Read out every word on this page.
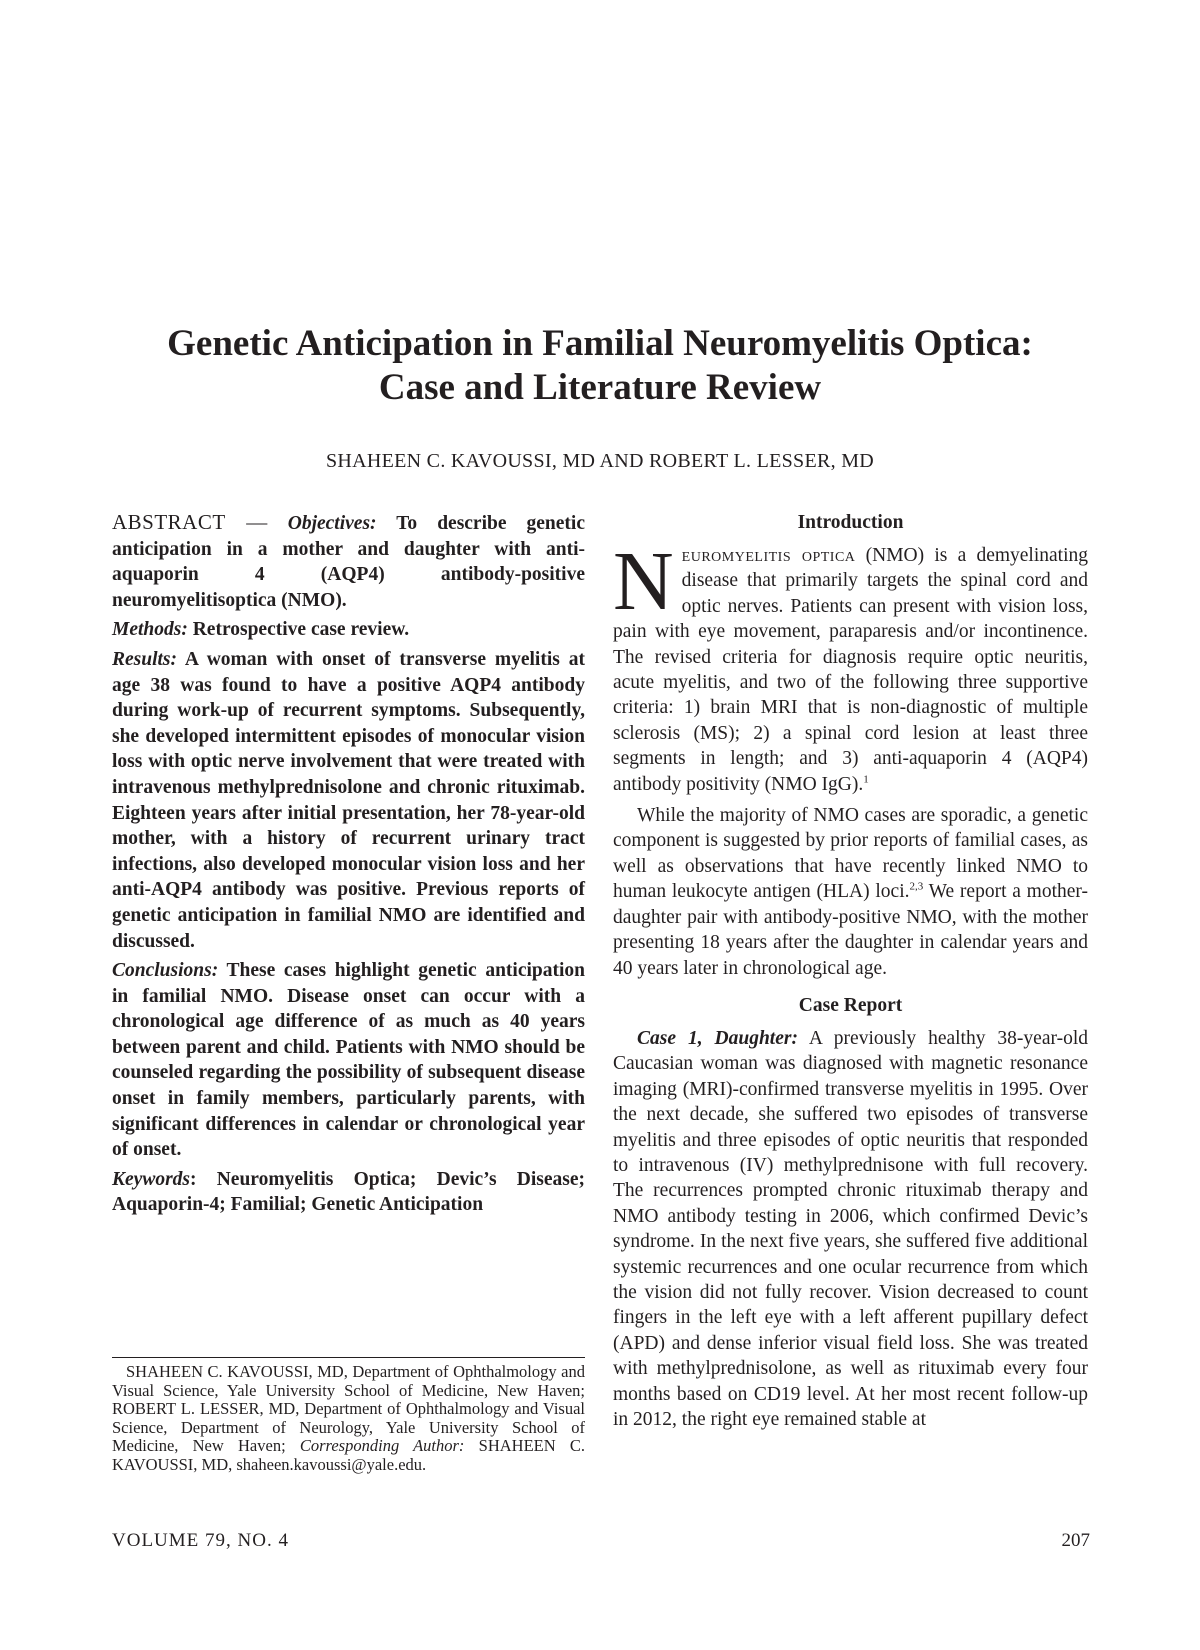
Genetic Anticipation in Familial Neuromyelitis Optica:
Case and Literature Review
SHAHEEN C. KAVOUSSI, MD AND ROBERT L. LESSER, MD

ABSTRACT — Objectives: To describe genetic anticipation in a mother and daughter with anti-aquaporin 4 (AQP4) antibody-positive neuromyelitisoptica (NMO).

Methods: Retrospective case review.

Results: A woman with onset of transverse myelitis at age 38 was found to have a positive AQP4 antibody during work-up of recurrent symptoms. Subsequently, she developed intermittent episodes of monocular vision loss with optic nerve involvement that were treated with intravenous methylprednisolone and chronic rituximab. Eighteen years after initial presentation, her 78-year-old mother, with a history of recurrent urinary tract infections, also developed monocular vision loss and her anti-AQP4 antibody was positive. Previous reports of genetic anticipation in familial NMO are identified and discussed.

Conclusions: These cases highlight genetic anticipation in familial NMO. Disease onset can occur with a chronological age difference of as much as 40 years between parent and child. Patients with NMO should be counseled regarding the possibility of subsequent disease onset in family members, particularly parents, with significant differences in calendar or chronological year of onset.

Keywords: Neuromyelitis Optica; Devic’s Disease; Aquaporin-4; Familial; Genetic Anticipation

SHAHEEN C. KAVOUSSI, MD, Department of Ophthalmology and Visual Science, Yale University School of Medicine, New Haven; ROBERT L. LESSER, MD, Department of Ophthalmology and Visual Science, Department of Neurology, Yale University School of Medicine, New Haven; Corresponding Author: SHAHEEN C. KAVOUSSI, MD, shaheen.kavoussi@yale.edu.
Introduction

Neuromyelitis optica (NMO) is a demyelinating disease that primarily targets the spinal cord and optic nerves. Patients can present with vision loss, pain with eye movement, paraparesis and/or incontinence. The revised criteria for diagnosis require optic neuritis, acute myelitis, and two of the following three supportive criteria: 1) brain MRI that is non-diagnostic of multiple sclerosis (MS); 2) a spinal cord lesion at least three segments in length; and 3) anti-aquaporin 4 (AQP4) antibody positivity (NMO IgG).$^1$

While the majority of NMO cases are sporadic, a genetic component is suggested by prior reports of familial cases, as well as observations that have recently linked NMO to human leukocyte antigen (HLA) loci.$^{2,3}$ We report a mother-daughter pair with antibody-positive NMO, with the mother presenting 18 years after the daughter in calendar years and 40 years later in chronological age.

Case Report

Case 1, Daughter: A previously healthy 38-year-old Caucasian woman was diagnosed with magnetic resonance imaging (MRI)-confirmed transverse myelitis in 1995. Over the next decade, she suffered two episodes of transverse myelitis and three episodes of optic neuritis that responded to intravenous (IV) methylprednisone with full recovery. The recurrences prompted chronic rituximab therapy and NMO antibody testing in 2006, which confirmed Devic’s syndrome. In the next five years, she suffered five additional systemic recurrences and one ocular recurrence from which the vision did not fully recover. Vision decreased to count fingers in the left eye with a left afferent pupillary defect (APD) and dense inferior visual field loss. She was treated with methylprednisolone, as well as rituximab every four months based on CD19 level. At her most recent follow-up in 2012, the right eye remained stable at

VOLUME 79, NO. 4	207
